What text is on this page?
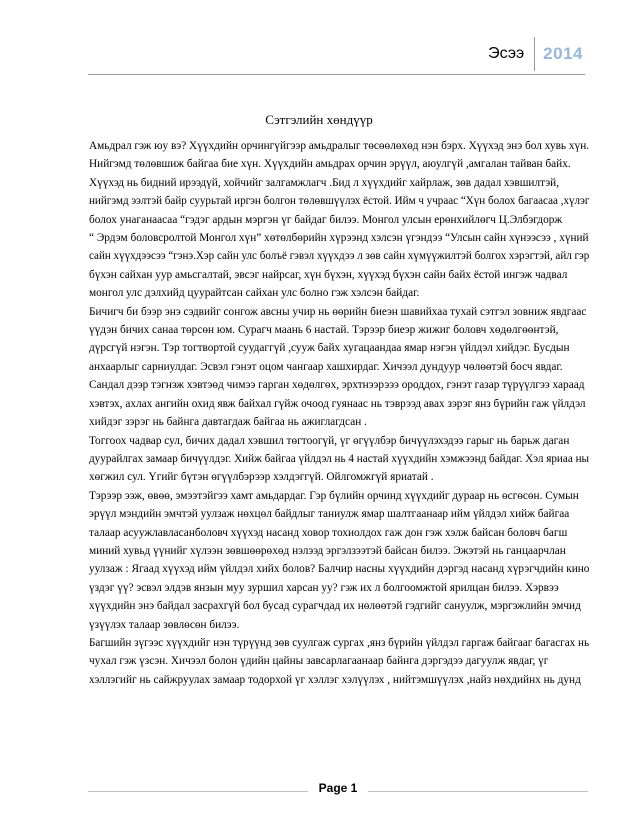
Эсээ	2014
Сэтгэлийн хөндүүр
Амьдрал гэж юу вэ? Хүүхдийн орчингүйгээр амьдралыг төсөөлөхөд нэн бэрх. Хүүхэд энэ бол хувь хүн.
Нийгэмд төлөвшиж байгаа бие хүн. Хүүхдийн амьдрах орчин эрүүл, аюулгүй ,амгалан тайван байх.
Хүүхэд нь бидний ирээдүй, хойчийг залгамжлагч .Бид л хүүхдийг хайрлаж, зөв дадал хэвшилтэй,
нийгэмд ээлтэй байр суурьтай иргэн болгон төлөвшүүлэх ёстой. Ийм ч учраас “Хүн болох багаасаа ,хүлэг
болох унаганаасаа “гэдэг ардын мэргэн үг байдаг билээ. Монгол улсын ерөнхийлөгч Ц.Элбэгдорж
“ Эрдэм боловсролтой Монгол хүн” хөтөлбөрийн хүрээнд хэлсэн үгэндээ “Улсын сайн хүнээсээ , хүний
сайн хүүхдээсээ “гэнэ.Хэр сайн улс болъё гэвэл хүүхдээ л зөв сайн хүмүүжилтэй болгох хэрэгтэй, айл гэр
бүхэн сайхан уур амьсгалтай, эвсэг найрсаг, хүн бүхэн, хүүхэд бүхэн сайн байх ёстой ингэж чадвал
монгол улс дэлхийд цуурайтсан сайхан улс болно гэж хэлсэн байдаг.
Бичигч би бээр энэ сэдвийг сонгож авсны учир нь өөрийн биеэн шавийхаа тухай сэтгэл зовниж явдгаас
үүдэн бичих санаа төрсөн юм. Сурагч маань 6 настай. Тэрээр биеэр жижиг боловч хөдөлгөөнтэй,
дүрсгүй нэгэн. Тэр тогтвортой суудаггүй ,сууж байх хугацаандаа ямар нэгэн үйлдэл хийдэг. Бусдын
анхаарлыг сарниулдаг. Эсвэл гэнэт оцом чангаар хашхирдаг. Хичээл дундуур чөлөөтэй босч явдаг.
Сандал дээр тэгнэж хэвтэөд чимээ гарган хөдөлгөх, эрхтнээрэээ ороддох, гэнэт газар түрүүлгээ хараад
хэвтэх, ахлах ангийн охид явж байхал гүйж очоод гуянаас нь тэврээд авах зэрэг янз бүрийн гаж үйлдэл
хийдэг зэрэг нь байнга давтагдаж байгаа нь ажиглагдсан .
Тоггоох чадвар сул, бичих дадал хэвшил төгтоогүй, үг өгүүлбэр бичүүлэхэдээ гарыг нь барьж даган
дуурайлгах замаар бичүүлдэг. Хийж байгаа үйлдэл нь 4 настай хүүхдийн хэмжээнд байдаг. Хэл яриаа ны
хөгжил сул. Үгийг бүтэн өгүүлбэрээр хэлдэггүй. Ойлгомжгүй яриатай .
Тэрээр ээж, өвөө, эмээтэйгээ хамт амьдардаг. Гэр бүлийн орчинд хүүхдийг дураар нь өсгөсөн. Сумын
эрүүл мэндийн эмчтэй уулзаж нөхцөл байдлыг таниулж ямар шалтгаанаар ийм үйлдэл хийж байгаа
талаар асуужлавласанболовч хүүхэд насанд ховор тохиолдох гаж дон гэж хэлж байсан боловч багш
миний хувьд үүнийг хүлээн зөвшөөрөхөд нэлээд эргэлзээтэй байсан билээ. Эжэтэй нь ганцаарчлан
уулзаж : Ягаад хүүхэд ийм үйлдэл хийх болов? Балчир насны хүүхдийн дэргэд насанд хүрэгчдийн кино
үздэг үү? эсвэл элдэв янзын муу зуршил харсан уу? гэж их л болгоомжтой ярилцан билээ. Хэрвээ
хүүхдийн энэ байдал засрахгүй бол бусад сурагчдад их нөлөөтэй гэдгийг сануулж, мэргэжлийн эмчид
үзүүлэх талаар зөвлөсөн билээ.
Багшийн зүгээс хүүхдийг нэн түрүүнд зөв суулгаж сургах ,янз бүрийн үйлдэл гаргаж байгааг багасгах нь
чухал гэж үзсэн. Хичээл болон үдийн цайны завсарлагаанаар байнга дэргэдээ дагуулж явдаг, үг
хэллэгийг нь сайжруулах замаар тодорхой үг хэллэг хэлүүлэх , нийтэмшүүлэх ,найз нөхдийнх нь дунд
Page 1
